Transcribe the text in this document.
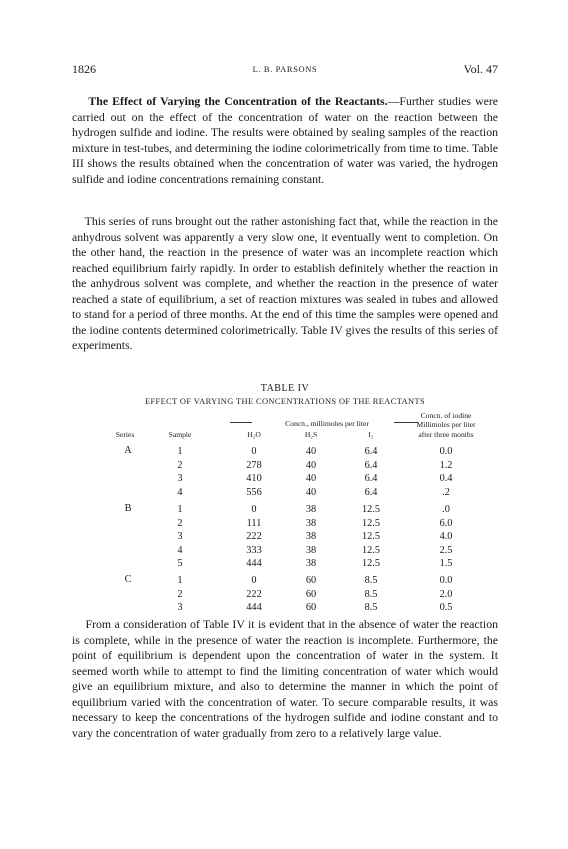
1826	L. B. PARSONS	Vol. 47

The Effect of Varying the Concentration of the Reactants.—Further studies were carried out on the effect of the concentration of water on the reaction between the hydrogen sulfide and iodine. The results were obtained by sealing samples of the reaction mixture in test-tubes, and determining the iodine colorimetrically from time to time. Table III shows the results obtained when the concentration of water was varied, the hydrogen sulfide and iodine concentrations remaining constant.

This series of runs brought out the rather astonishing fact that, while the reaction in the anhydrous solvent was apparently a very slow one, it eventually went to completion. On the other hand, the reaction in the presence of water was an incomplete reaction which reached equilibrium fairly rapidly. In order to establish definitely whether the reaction in the anhydrous solvent was complete, and whether the reaction in the presence of water reached a state of equilibrium, a set of reaction mixtures was sealed in tubes and allowed to stand for a period of three months. At the end of this time the samples were opened and the iodine contents determined colorimetrically. Table IV gives the results of this series of experiments.

TABLE IV
EFFECT OF VARYING THE CONCENTRATIONS OF THE REACTANTS
Concn., millimoles per liter
Series	Sample	H₂O	H₂S	I₂
Concn. of iodine
Millimoles per liter
after three months
A	1	0	40	6.4	0.0
2	278	40	6.4	1.2
3	410	40	6.4	0.4
4	556	40	6.4	.2
B	1	0	38	12.5	.0
2	111	38	12.5	6.0
3	222	38	12.5	4.0
4	333	38	12.5	2.5
5	444	38	12.5	1.5
C	1	0	60	8.5	0.0
2	222	60	8.5	2.0
3	444	60	8.5	0.5

From a consideration of Table IV it is evident that in the absence of water the reaction is complete, while in the presence of water the reaction is incomplete. Furthermore, the point of equilibrium is dependent upon the concentration of water in the system. It seemed worth while to attempt to find the limiting concentration of water which would give an equilibrium mixture, and also to determine the manner in which the point of equilibrium varied with the concentration of water. To secure comparable results, it was necessary to keep the concentrations of the hydrogen sulfide and iodine constant and to vary the concentration of water gradually from zero to a relatively large value.
